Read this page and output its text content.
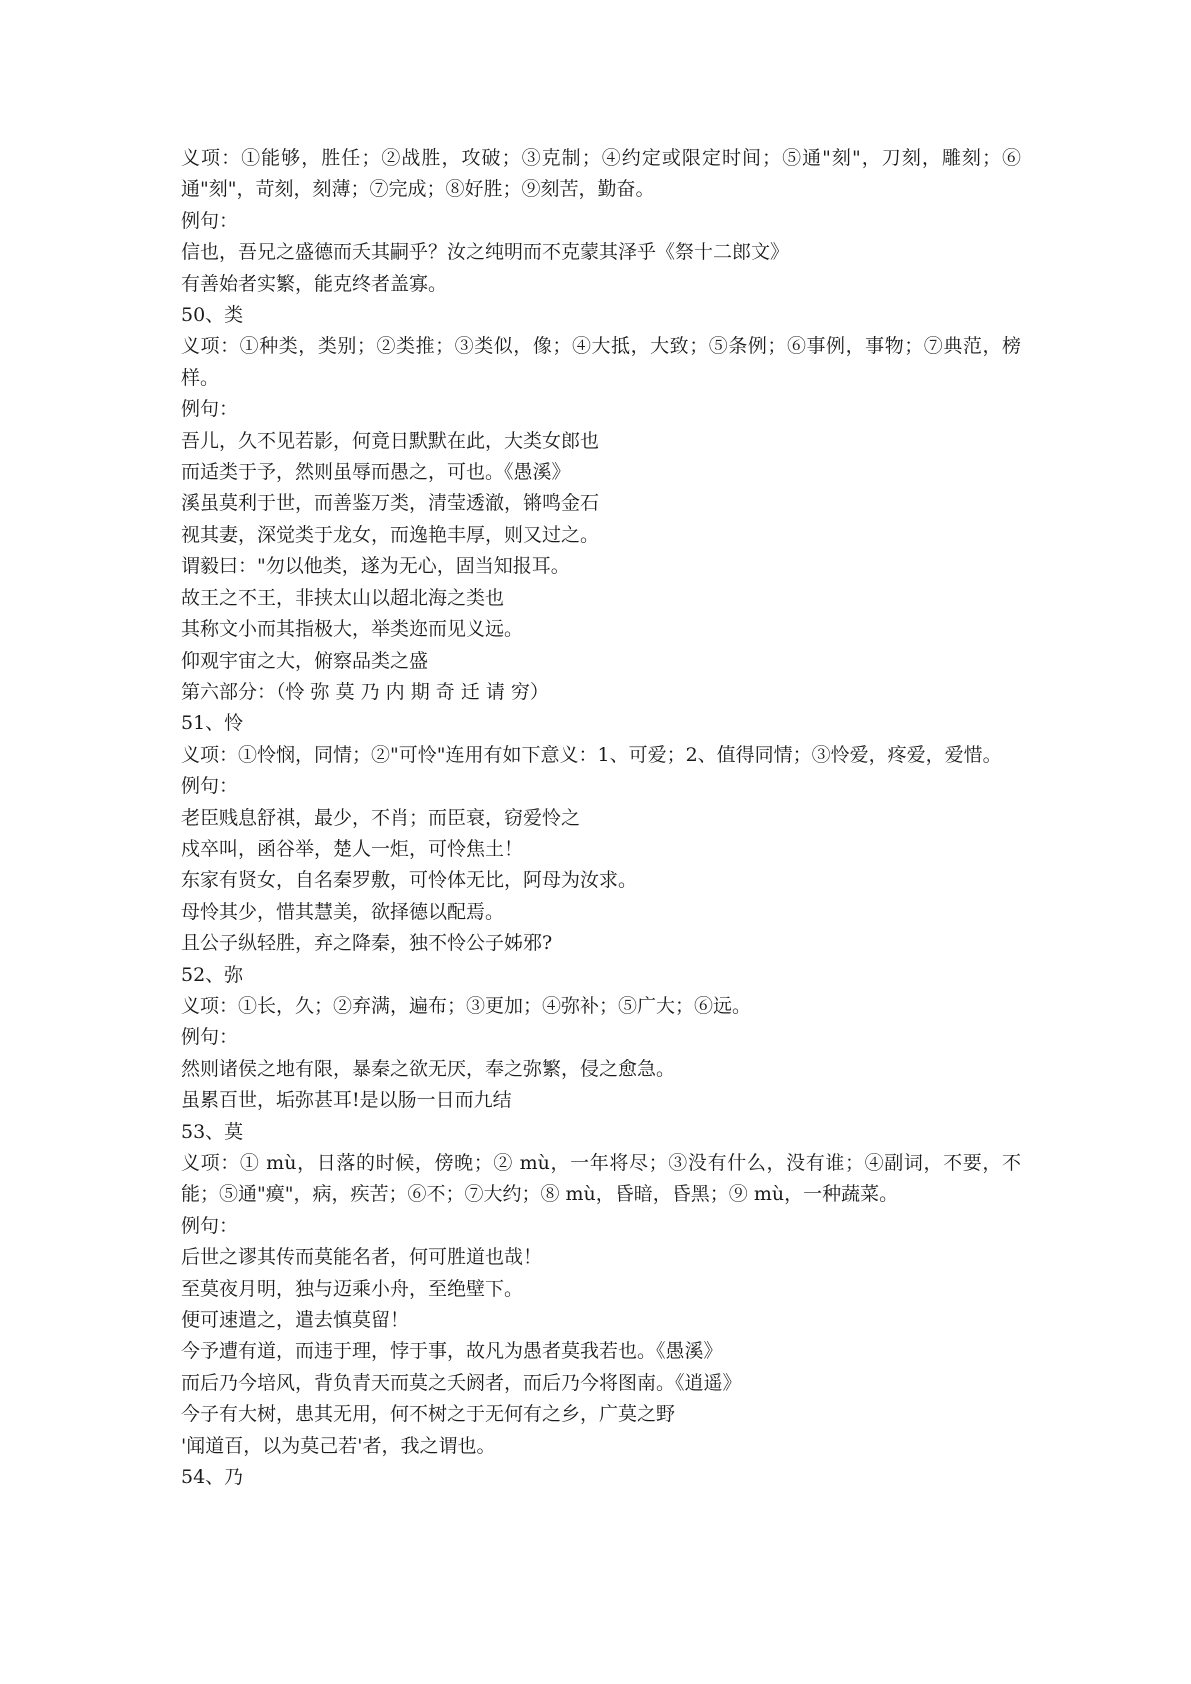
义项：①能够，胜任；②战胜，攻破；③克制；④约定或限定时间；⑤通"刻"，刀刻，雕刻；⑥通"刻"，苛刻，刻薄；⑦完成；⑧好胜；⑨刻苦，勤奋。

例句：

信也，吾兄之盛德而夭其嗣乎？汝之纯明而不克蒙其泽乎《祭十二郎文》

有善始者实繁，能克终者盖寡。

50、类

义项：①种类，类别；②类推；③类似，像；④大抵，大致；⑤条例；⑥事例，事物；⑦典范，榜样。

例句：

吾儿，久不见若影，何竟日默默在此，大类女郎也

而适类于予，然则虽辱而愚之，可也。《愚溪》

溪虽莫利于世，而善鉴万类，清莹透澈，锵鸣金石

视其妻，深觉类于龙女，而逸艳丰厚，则又过之。

谓毅曰："勿以他类，遂为无心，固当知报耳。

故王之不王，非挟太山以超北海之类也

其称文小而其指极大，举类迩而见义远。

仰观宇宙之大，俯察品类之盛

第六部分：（怜 弥 莫 乃 内 期 奇 迁 请 穷）

51、怜

义项：①怜悯，同情；②"可怜"连用有如下意义：1、可爱；2、值得同情；③怜爱，疼爱，爱惜。

例句：

老臣贱息舒祺，最少，不肖；而臣衰，窃爱怜之

戍卒叫，函谷举，楚人一炬，可怜焦土！

东家有贤女，自名秦罗敷，可怜体无比，阿母为汝求。

母怜其少，惜其慧美，欲择德以配焉。

且公子纵轻胜，弃之降秦，独不怜公子姊邪?

52、弥

义项：①长，久；②弃满，遍布；③更加；④弥补；⑤广大；⑥远。

例句：

然则诸侯之地有限，暴秦之欲无厌，奉之弥繁，侵之愈急。

虽累百世，垢弥甚耳!是以肠一日而九结

53、莫

义项：① mù，日落的时候，傍晚；② mù，一年将尽；③没有什么，没有谁；④副词，不要，不能；⑤通"瘼"，病，疾苦；⑥不；⑦大约；⑧ mù，昏暗，昏黑；⑨ mù，一种蔬菜。

例句：

后世之谬其传而莫能名者，何可胜道也哉！

至莫夜月明，独与迈乘小舟，至绝壁下。

便可速遣之，遣去慎莫留！

今予遭有道，而违于理，悖于事，故凡为愚者莫我若也。《愚溪》

而后乃今培风，背负青天而莫之夭阏者，而后乃今将图南。《逍遥》

今子有大树，患其无用，何不树之于无何有之乡，广莫之野

'闻道百，以为莫己若'者，我之谓也。

54、乃
